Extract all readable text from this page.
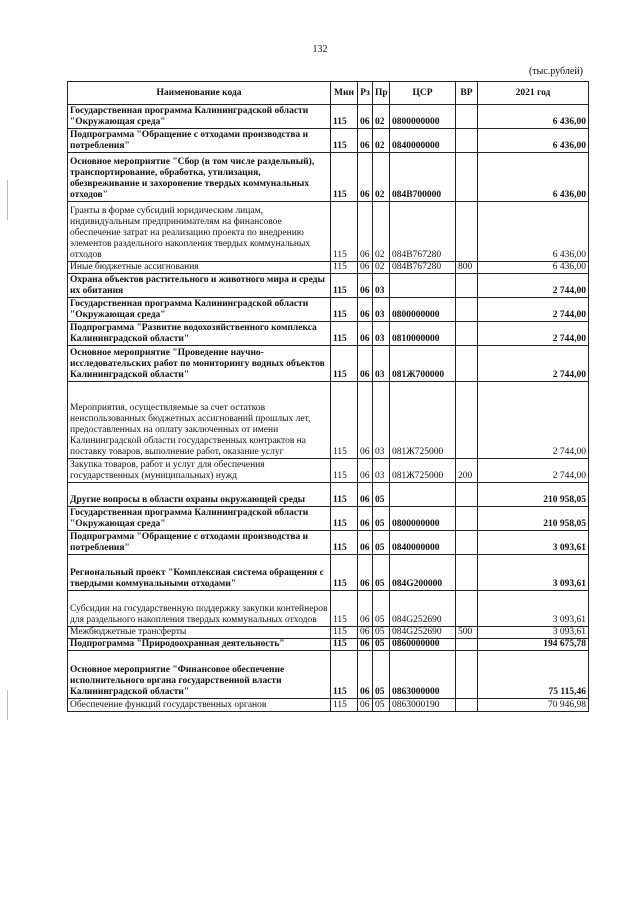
132
(тыс.рублей)
Наименование кода	Мин	Рз	Пр	ЦСР	ВР	2021 год
Государственная программа Калининградской области "Окружающая среда"	115	06	02	0800000000		6 436,00
Подпрограмма "Обращение с отходами производства и потребления"	115	06	02	0840000000		6 436,00
Основное мероприятие "Сбор (в том числе раздельный), транспортирование, обработка, утилизация, обезвреживание и захоронение твердых коммунальных отходов"	115	06	02	084В700000		6 436,00
Гранты в форме субсидий юридическим лицам, индивидуальным предпринимателям на финансовое обеспечение затрат на реализацию проекта по внедрению элементов раздельного накопления твердых коммунальных отходов	115	06	02	084В767280		6 436,00
Иные бюджетные ассигнования	115	06	02	084В767280	800	6 436,00
Охрана объектов растительного и животного мира и среды их обитания	115	06	03			2 744,00
Государственная программа Калининградской области "Окружающая среда"	115	06	03	0800000000		2 744,00
Подпрограмма "Развитие водохозяйственного комплекса Калининградской области"	115	06	03	0810000000		2 744,00
Основное мероприятие "Проведение научно-исследовательских работ по мониторингу водных объектов Калининградской области"	115	06	03	081Ж700000		2 744,00
Мероприятия, осуществляемые за счет остатков неиспользованных бюджетных ассигнований прошлых лет, предоставленных на оплату заключенных от имени Калининградской области государственных контрактов на поставку товаров, выполнение работ, оказание услуг	115	06	03	081Ж725000		2 744,00
Закупка товаров, работ и услуг для обеспечения государственных (муниципальных) нужд	115	06	03	081Ж725000	200	2 744,00
Другие вопросы в области охраны окружающей среды	115	06	05			210 958,05
Государственная программа Калининградской области "Окружающая среда"	115	06	05	0800000000		210 958,05
Подпрограмма "Обращение с отходами производства и потребления"	115	06	05	0840000000		3 093,61
Региональный проект "Комплексная система обращения с твердыми коммунальными отходами"	115	06	05	084G200000		3 093,61
Субсидии на государственную поддержку закупки контейнеров для раздельного накопления твердых коммунальных отходов	115	06	05	084G252690		3 093,61
Межбюджетные трансферты	115	06	05	084G252690	500	3 093,61
Подпрограмма "Природоохранная деятельность"	115	06	05	0860000000		194 675,78
Основное мероприятие "Финансовое обеспечение исполнительного органа государственной власти Калининградской области"	115	06	05	0863000000		75 115,46
Обеспечение функций государственных органов	115	06	05	0863000190		70 946,98
